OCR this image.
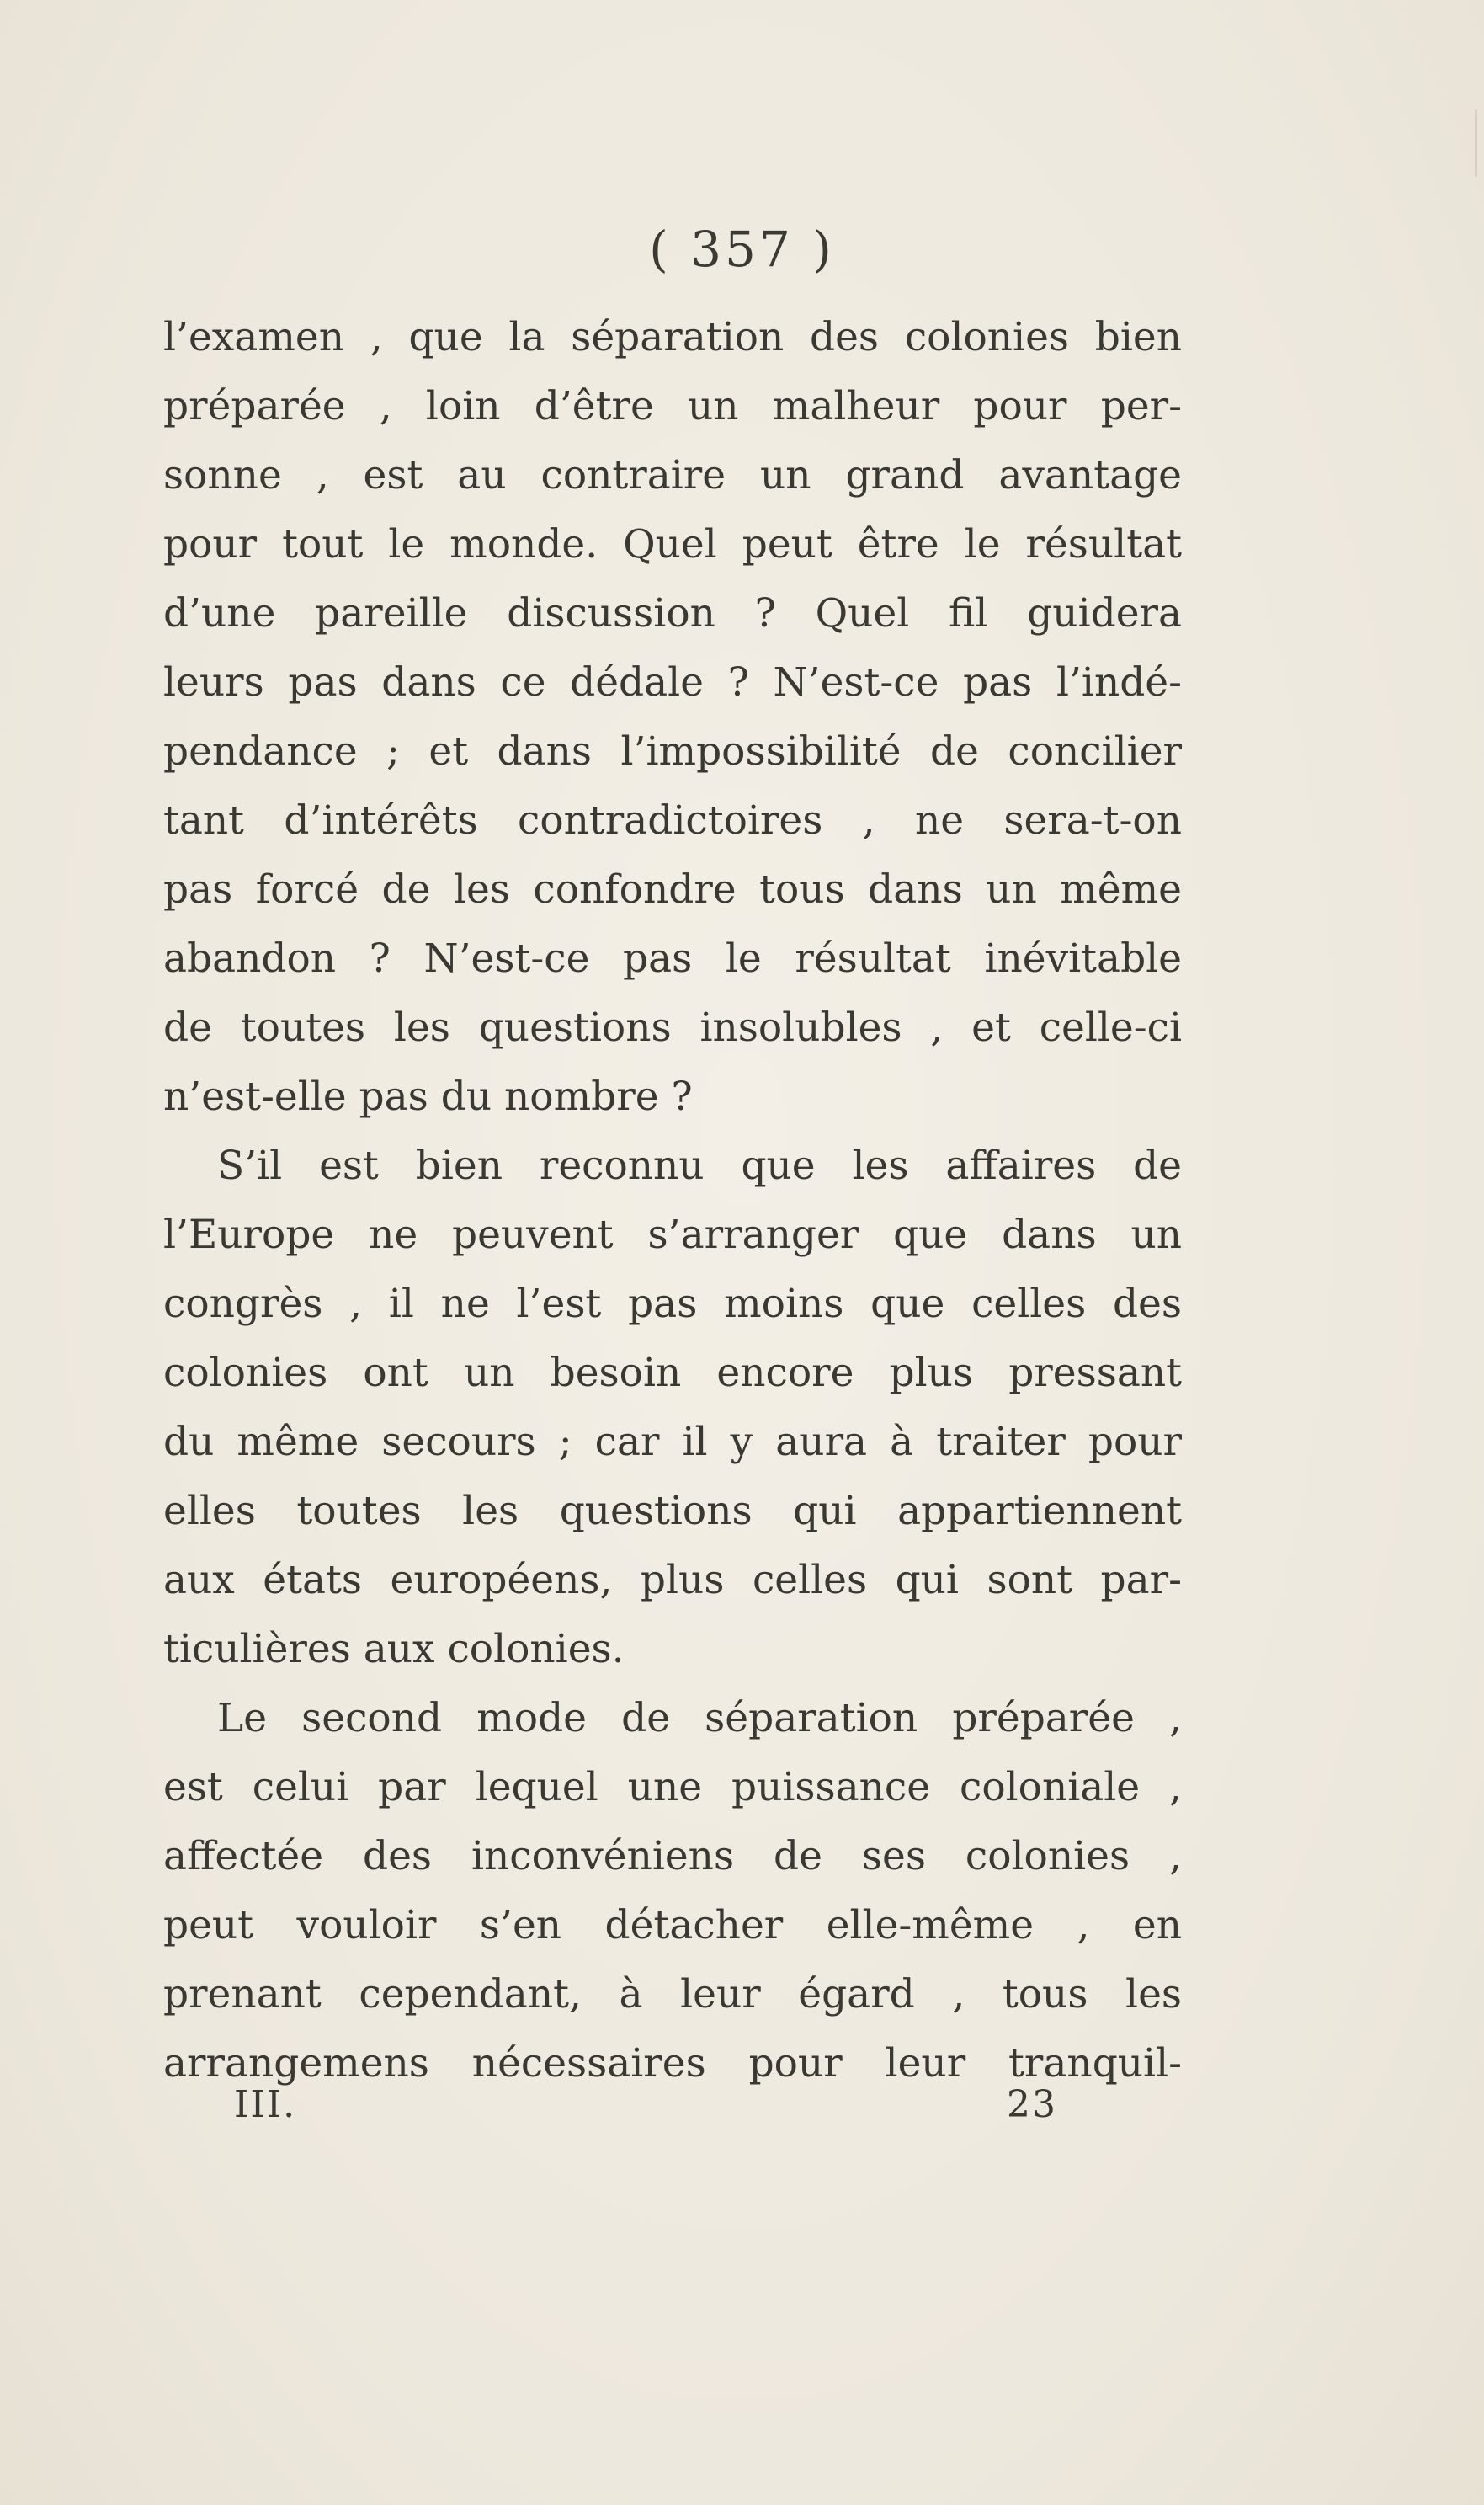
( 357 )
l’examen , que la séparation des colonies bien
préparée , loin d’être un malheur pour per-
sonne , est au contraire un grand avantage
pour tout le monde. Quel peut être le résultat
d’une pareille discussion ? Quel fil guidera
leurs pas dans ce dédale ? N’est-ce pas l’indé-
pendance ; et dans l’impossibilité de concilier
tant d’intérêts contradictoires , ne sera-t-on
pas forcé de les confondre tous dans un même
abandon ? N’est-ce pas le résultat inévitable
de toutes les questions insolubles , et celle-ci
n’est-elle pas du nombre ?
S’il est bien reconnu que les affaires de
l’Europe ne peuvent s’arranger que dans un
congrès , il ne l’est pas moins que celles des
colonies ont un besoin encore plus pressant
du même secours ; car il y aura à traiter pour
elles toutes les questions qui appartiennent
aux états européens, plus celles qui sont par-
ticulières aux colonies.
Le second mode de séparation préparée ,
est celui par lequel une puissance coloniale ,
affectée des inconvéniens de ses colonies ,
peut vouloir s’en détacher elle-même , en
prenant cependant, à leur égard , tous les
arrangemens nécessaires pour leur tranquil-
III.	23
